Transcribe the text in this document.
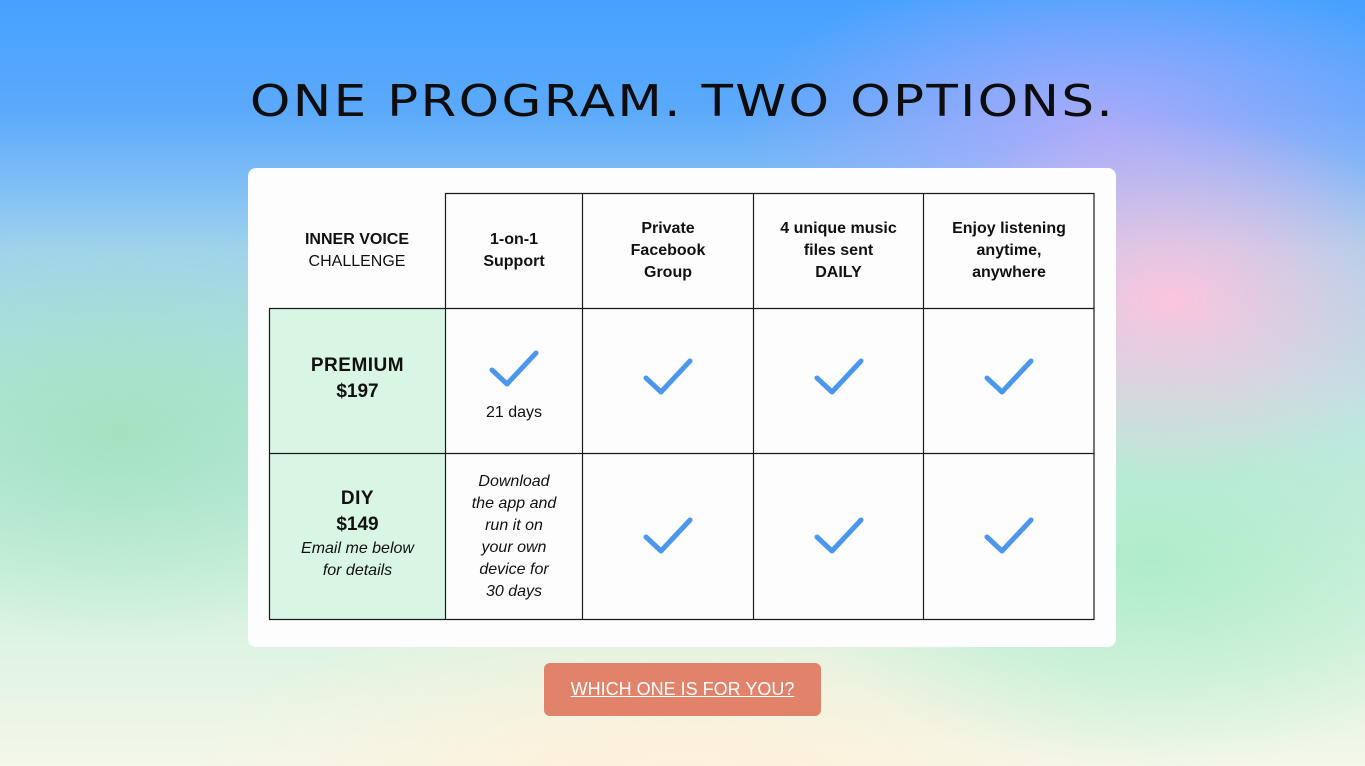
ONE PROGRAM. TWO OPTIONS.
INNER VOICE
CHALLENGE
1-on-1
Support
Private
Facebook
Group
4 unique music
files sent
DAILY
Enjoy listening
anytime,
anywhere
PREMIUM
$197
21 days
DIY
$149
Email me below
for details
Download
the app and
run it on
your own
device for
30 days
WHICH ONE IS FOR YOU?
